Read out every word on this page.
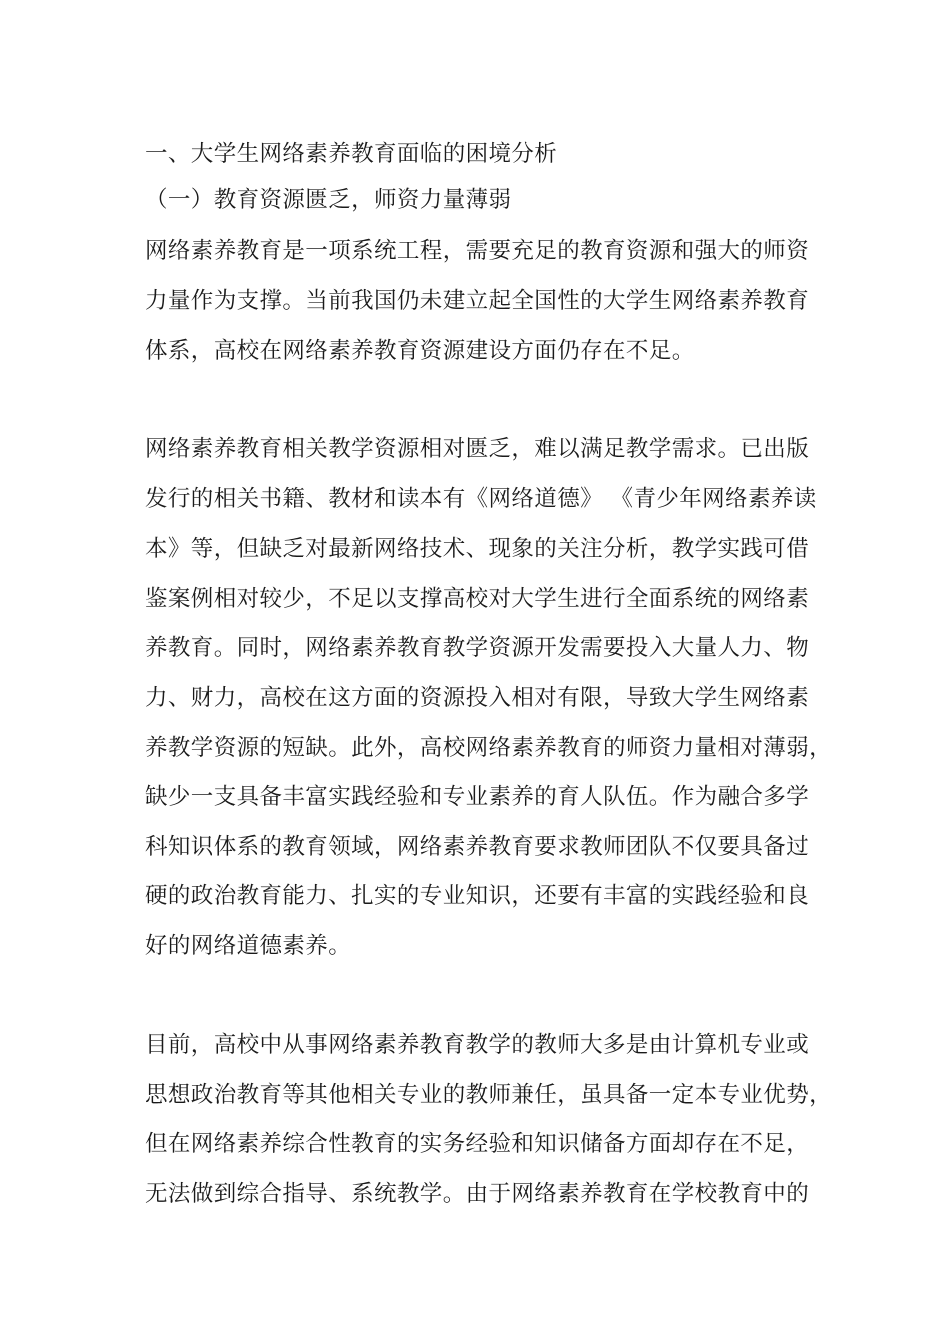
一、大学生网络素养教育面临的困境分析
（一）教育资源匮乏，师资力量薄弱
网络素养教育是一项系统工程，需要充足的教育资源和强大的师资
力量作为支撑。当前我国仍未建立起全国性的大学生网络素养教育
体系，高校在网络素养教育资源建设方面仍存在不足。
网络素养教育相关教学资源相对匮乏，难以满足教学需求。已出版
发行的相关书籍、教材和读本有《网络道德》 《青少年网络素养读
本》等，但缺乏对最新网络技术、现象的关注分析，教学实践可借
鉴案例相对较少，不足以支撑高校对大学生进行全面系统的网络素
养教育。同时，网络素养教育教学资源开发需要投入大量人力、物
力、财力，高校在这方面的资源投入相对有限，导致大学生网络素
养教学资源的短缺。此外，高校网络素养教育的师资力量相对薄弱，
缺少一支具备丰富实践经验和专业素养的育人队伍。作为融合多学
科知识体系的教育领域，网络素养教育要求教师团队不仅要具备过
硬的政治教育能力、扎实的专业知识，还要有丰富的实践经验和良
好的网络道德素养。
目前，高校中从事网络素养教育教学的教师大多是由计算机专业或
思想政治教育等其他相关专业的教师兼任，虽具备一定本专业优势，
但在网络素养综合性教育的实务经验和知识储备方面却存在不足，
无法做到综合指导、系统教学。由于网络素养教育在学校教育中的
